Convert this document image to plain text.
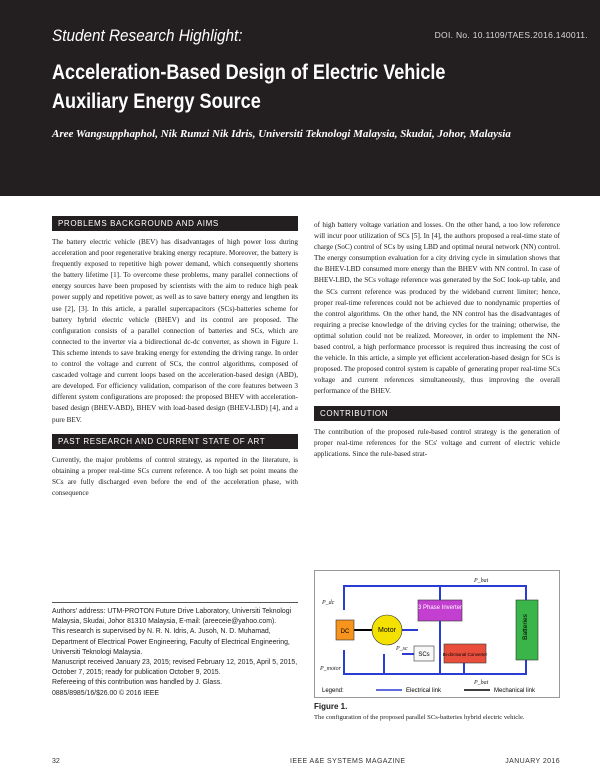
DOI. No. 10.1109/TAES.2016.140011.
Student Research Highlight:
Acceleration-Based Design of Electric Vehicle Auxiliary Energy Source
Aree Wangsupphaphol, Nik Rumzi Nik Idris, Universiti Teknologi Malaysia, Skudai, Johor, Malaysia
PROBLEMS BACKGROUND AND AIMS

The battery electric vehicle (BEV) has disadvantages of high power loss during acceleration and poor regenerative braking energy recapture. Moreover, the battery is frequently exposed to repetitive high power demand, which consequently shortens the battery lifetime [1]. To overcome these problems, many parallel connections of energy sources have been proposed by scientists with the aim to reduce high peak power supply and repetitive power, as well as to save battery energy and lengthen its use [2], [3]. In this article, a parallel supercapacitors (SCs)-batteries scheme for battery hybrid electric vehicle (BHEV) and its control are proposed. The configuration consists of a parallel connection of batteries and SCs, which are connected to the inverter via a bidirectional dc-dc converter, as shown in Figure 1. This scheme intends to save braking energy for extending the driving range. In order to control the voltage and current of SCs, the control algorithms, composed of cascaded voltage and current loops based on the acceleration-based design (ABD), are developed. For efficiency validation, comparison of the core features between 3 different system configurations are proposed: the proposed BHEV with acceleration-based design (BHEV-ABD), BHEV with load-based design (BHEV-LBD) [4], and a pure BEV.

PAST RESEARCH AND CURRENT STATE OF ART

Currently, the major problems of control strategy, as reported in the literature, is obtaining a proper real-time SCs current reference. A too high set point means the SCs are fully discharged even before the end of the acceleration phase, with consequence

of high battery voltage variation and losses. On the other hand, a too low reference will incur poor utilization of SCs [5]. In [4], the authors proposed a real-time state of charge (SoC) control of SCs by using LBD and optimal neural network (NN) control. The energy consumption evaluation for a city driving cycle in simulation shows that the BHEV-LBD consumed more energy than the BHEV with NN control. In case of BHEV-LBD, the SCs voltage reference was generated by the SoC look-up table, and the SCs current reference was produced by the wideband current limiter; hence, proper real-time references could not be achieved due to nondynamic properties of the control algorithms. On the other hand, the NN control has the disadvantages of requiring a precise knowledge of the driving cycles for the training; otherwise, the optimal solution could not be realized. Moreover, in order to implement the NN-based control, a high performance processor is required thus increasing the cost of the vehicle. In this article, a simple yet efficient acceleration-based design for SCs is proposed. The proposed control system is capable of generating proper real-time SCs voltage and current references simultaneously, thus improving the overall performance of the BHEV.

CONTRIBUTION

The contribution of the proposed rule-based control strategy is the generation of proper real-time references for the SCs' voltage and current of electric vehicle applications. Since the rule-based strat-

Authors' address: UTM-PROTON Future Drive Laboratory, Universiti Teknologi Malaysia, Skudai, Johor 81310 Malaysia, E-mail: (areeceie@yahoo.com).
This research is supervised by N. R. N. Idris, A. Jusoh, N. D. Muhamad, Department of Electrical Power Engineering, Faculty of Electrical Engineering, Universiti Teknologi Malaysia.
Manuscript received January 23, 2015; revised February 12, 2015, April 5, 2015, October 7, 2015; ready for publication October 9, 2015.
Refereeing of this contribution was handled by J. Glass.
0885/8985/16/$26.00 © 2016 IEEE
DC	Motor
3 Phase Inverter
Batteries
SCs	Bi-dirctional Converter
P_dc
P_bat
P_sc
P_motor
P_bat
Legend:	Electrical link	Mechanical link
Figure 1.
The configuration of the proposed parallel SCs-batteries hybrid electric vehicle.
32	IEEE A&E SYSTEMS MAGAZINE	JANUARY 2016
